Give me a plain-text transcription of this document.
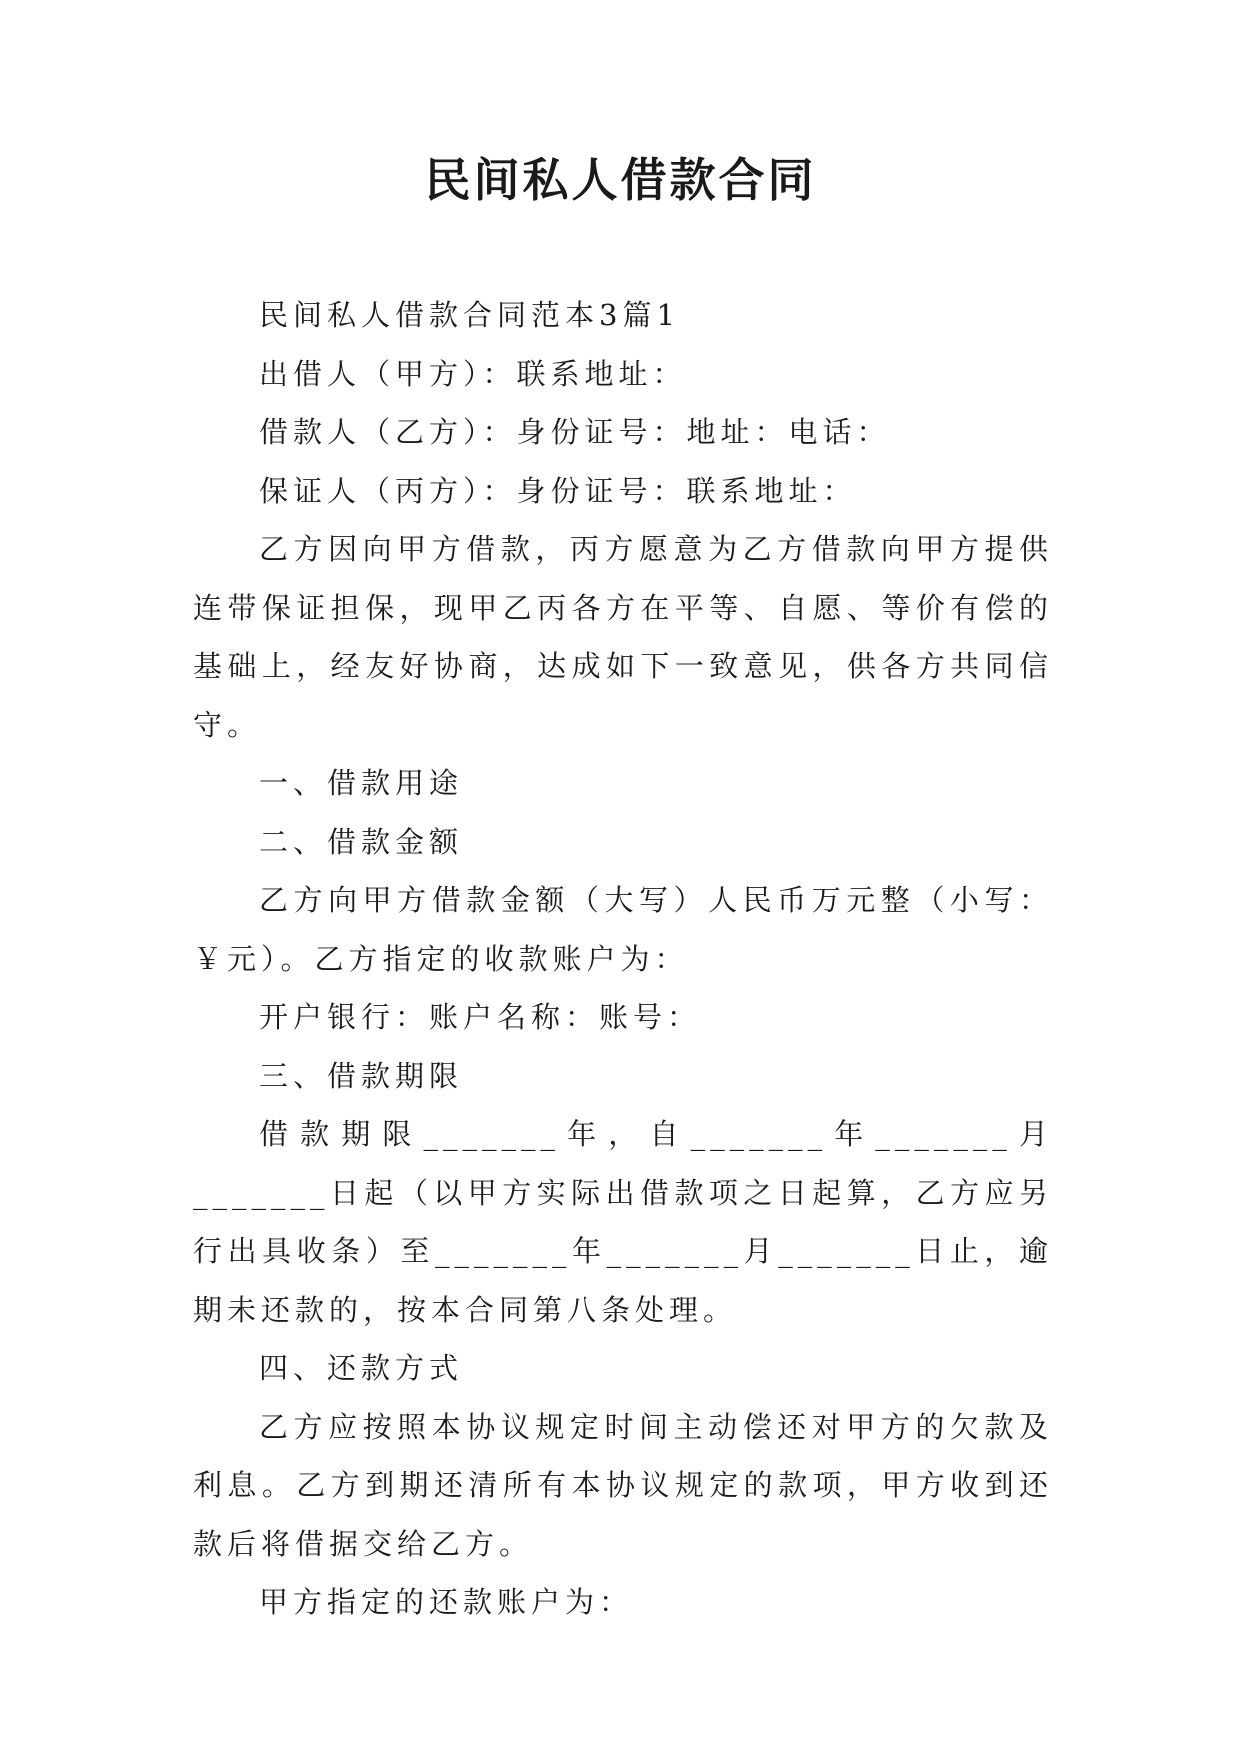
民间私人借款合同

民间私人借款合同范本3篇1

出借人（甲方）：联系地址：

借款人（乙方）：身份证号：地址：电话：

保证人（丙方）：身份证号：联系地址：

乙方因向甲方借款，丙方愿意为乙方借款向甲方提供连带保证担保，现甲乙丙各方在平等、自愿、等价有偿的基础上，经友好协商，达成如下一致意见，供各方共同信守。

一、借款用途

二、借款金额

乙方向甲方借款金额（大写）人民币万元整（小写：￥元）。乙方指定的收款账户为：

开户银行：账户名称：账号：

三、借款期限

借款期限_______年，自_______年_______月_______日起（以甲方实际出借款项之日起算，乙方应另行出具收条）至_______年_______月_______日止，逾期未还款的，按本合同第八条处理。

四、还款方式

乙方应按照本协议规定时间主动偿还对甲方的欠款及利息。乙方到期还清所有本协议规定的款项，甲方收到还款后将借据交给乙方。

甲方指定的还款账户为：
